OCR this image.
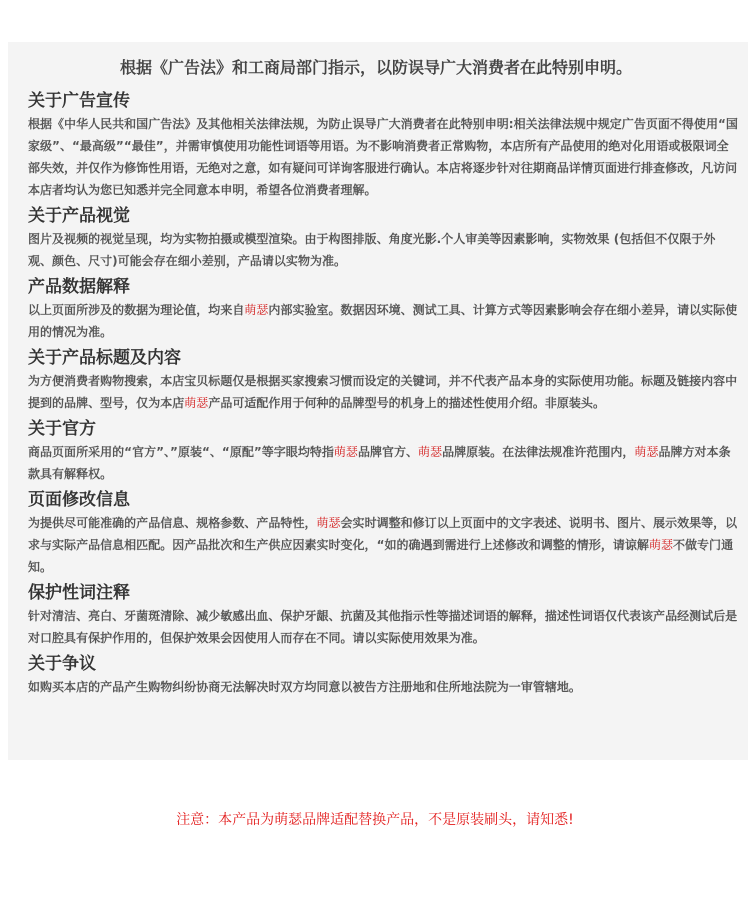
根据《广告法》和工商局部门指示，以防误导广大消费者在此特别申明。
关于广告宣传
根据《中华人民共和国广告法》及其他相关法律法规，为防止误导广大消费者在此特别申明:相关法律法规中规定广告页面不得使用“国家级”、“最高级”“最佳”，并需审慎使用功能性词语等用语。为不影响消费者正常购物，本店所有产品使用的绝对化用语或极限词全部失效，并仅作为修饰性用语，无绝对之意，如有疑问可详询客服进行确认。本店将逐步针对往期商品详情页面进行排查修改，凡访问本店者均认为您已知悉并完全同意本申明，希望各位消费者理解。
关于产品视觉
图片及视频的视觉呈现，均为实物拍摄或模型渲染。由于构图排版、角度光影.个人审美等因素影响，实物效果 (包括但不仅限于外观、颜色、尺寸)可能会存在细小差别，产品请以实物为准。
产品数据解释
以上页面所涉及的数据为理论值，均来自萌瑟内部实验室。数据因环境、测试工具、计算方式等因素影响会存在细小差异，请以实际使用的情况为准。
关于产品标题及内容
为方便消费者购物搜索，本店宝贝标题仅是根据买家搜索习惯而设定的关键词，并不代表产品本身的实际使用功能。标题及链接内容中提到的品牌、型号，仅为本店萌瑟产品可适配作用于何种的品牌型号的机身上的描述性使用介绍。非原装头。
关于官方
商品页面所采用的“官方”、”原装“、“原配”等字眼均特指萌瑟品牌官方、萌瑟品牌原装。在法律法规准许范围内，萌瑟品牌方对本条款具有解释权。
页面修改信息
为提供尽可能准确的产品信息、规格参数、产品特性，萌瑟会实时调整和修订以上页面中的文字表述、说明书、图片、展示效果等，以求与实际产品信息相匹配。因产品批次和生产供应因素实时变化，“如的确遇到需进行上述修改和调整的情形，请谅解萌瑟不做专门通知。
保护性词注释
针对清洁、亮白、牙菌斑清除、减少敏感出血、保护牙龈、抗菌及其他指示性等描述词语的解释，描述性词语仅代表该产品经测试后是对口腔具有保护作用的，但保护效果会因使用人而存在不同。请以实际使用效果为准。
关于争议
如购买本店的产品产生购物纠纷协商无法解决时双方均同意以被告方注册地和住所地法院为一审管辖地。
注意：本产品为萌瑟品牌适配替换产品，不是原装刷头，请知悉!
